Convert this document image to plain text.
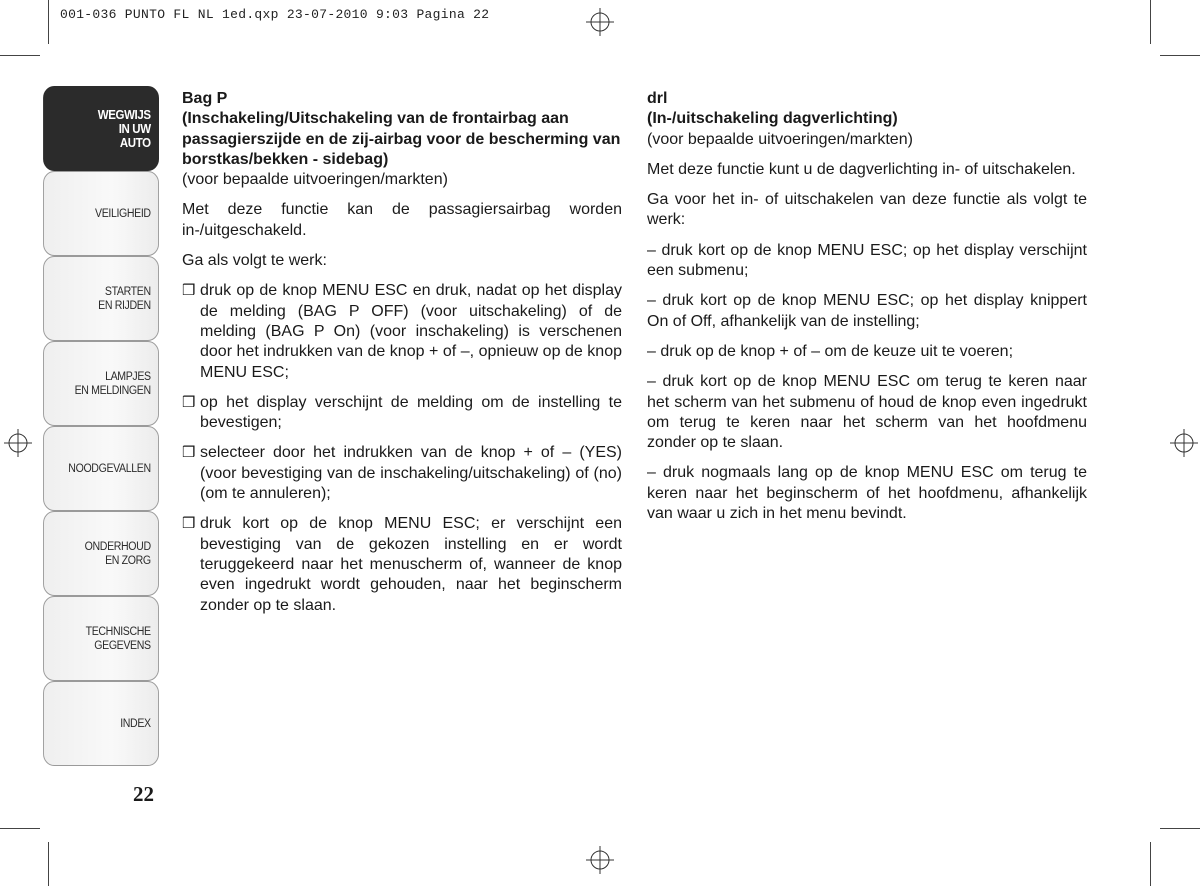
001-036 PUNTO FL NL 1ed.qxp 23-07-2010 9:03 Pagina 22
WEGWIJS
IN UW
AUTO
VEILIGHEID
STARTEN
EN RIJDEN
LAMPJES
EN MELDINGEN
NOODGEVALLEN
ONDERHOUD
EN ZORG
TECHNISCHE
GEGEVENS
INDEX
22
Bag P
(Inschakeling/Uitschakeling van de frontairbag aan passagierszijde en de zij-airbag voor de bescherming van borstkas/bekken - sidebag)

(voor bepaalde uitvoeringen/markten)

Met deze functie kan de passagiersairbag worden in-/uitgeschakeld.

Ga als volgt te werk:

❒ druk op de knop MENU ESC en druk, nadat op het display de melding (BAG P OFF) (voor uitschakeling) of de melding (BAG P On) (voor inschakeling) is verschenen door het indrukken van de knop + of –, opnieuw op de knop MENU ESC;
❒ op het display verschijnt de melding om de instelling te bevestigen;
❒ selecteer door het indrukken van de knop + of – (YES) (voor bevestiging van de inschakeling/uitschakeling) of (no) (om te annuleren);
❒ druk kort op de knop MENU ESC; er verschijnt een bevestiging van de gekozen instelling en er wordt teruggekeerd naar het menuscherm of, wanneer de knop even ingedrukt wordt gehouden, naar het beginscherm zonder op te slaan.
drl
(In-/uitschakeling dagverlichting)

(voor bepaalde uitvoeringen/markten)

Met deze functie kunt u de dagverlichting in- of uitschakelen.

Ga voor het in- of uitschakelen van deze functie als volgt te werk:

– druk kort op de knop MENU ESC; op het display verschijnt een submenu;

– druk kort op de knop MENU ESC; op het display knippert On of Off, afhankelijk van de instelling;

– druk op de knop + of – om de keuze uit te voeren;

– druk kort op de knop MENU ESC om terug te keren naar het scherm van het submenu of houd de knop even ingedrukt om terug te keren naar het scherm van het hoofdmenu zonder op te slaan.

– druk nogmaals lang op de knop MENU ESC om terug te keren naar het beginscherm of het hoofdmenu, afhankelijk van waar u zich in het menu bevindt.
